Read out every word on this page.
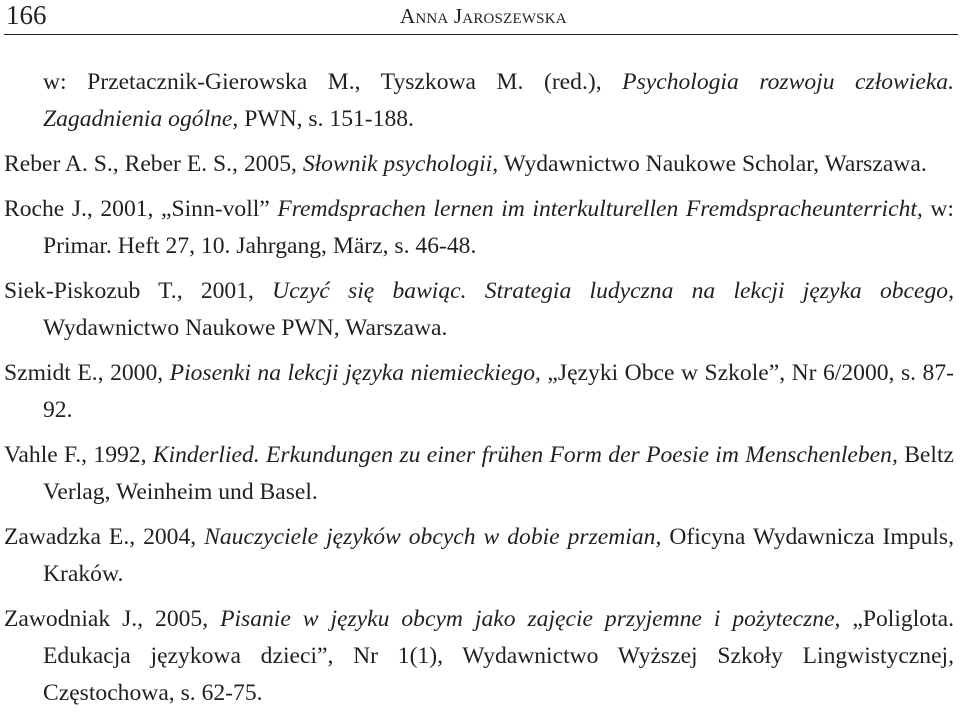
166	Anna Jaroszewska

w: Przetacznik-Gierowska M., Tyszkowa M. (red.), Psychologia rozwoju człowieka. Zagadnienia ogólne, PWN, s. 151-188.

Reber A. S., Reber E. S., 2005, Słownik psychologii, Wydawnictwo Naukowe Scholar, Warszawa.

Roche J., 2001, „Sinn-voll” Fremdsprachen lernen im interkulturellen Fremdspracheunterricht, w: Primar. Heft 27, 10. Jahrgang, März, s. 46-48.

Siek-Piskozub T., 2001, Uczyć się bawiąc. Strategia ludyczna na lekcji języka obcego, Wydawnictwo Naukowe PWN, Warszawa.

Szmidt E., 2000, Piosenki na lekcji języka niemieckiego, „Języki Obce w Szkole”, Nr 6/2000, s. 87-92.

Vahle F., 1992, Kinderlied. Erkundungen zu einer frühen Form der Poesie im Menschenleben, Beltz Verlag, Weinheim und Basel.

Zawadzka E., 2004, Nauczyciele języków obcych w dobie przemian, Oficyna Wydawnicza Impuls, Kraków.

Zawodniak J., 2005, Pisanie w języku obcym jako zajęcie przyjemne i pożyteczne, „Poliglota. Edukacja językowa dzieci”, Nr 1(1), Wydawnictwo Wyższej Szkoły Lingwistycznej, Częstochowa, s. 62-75.
